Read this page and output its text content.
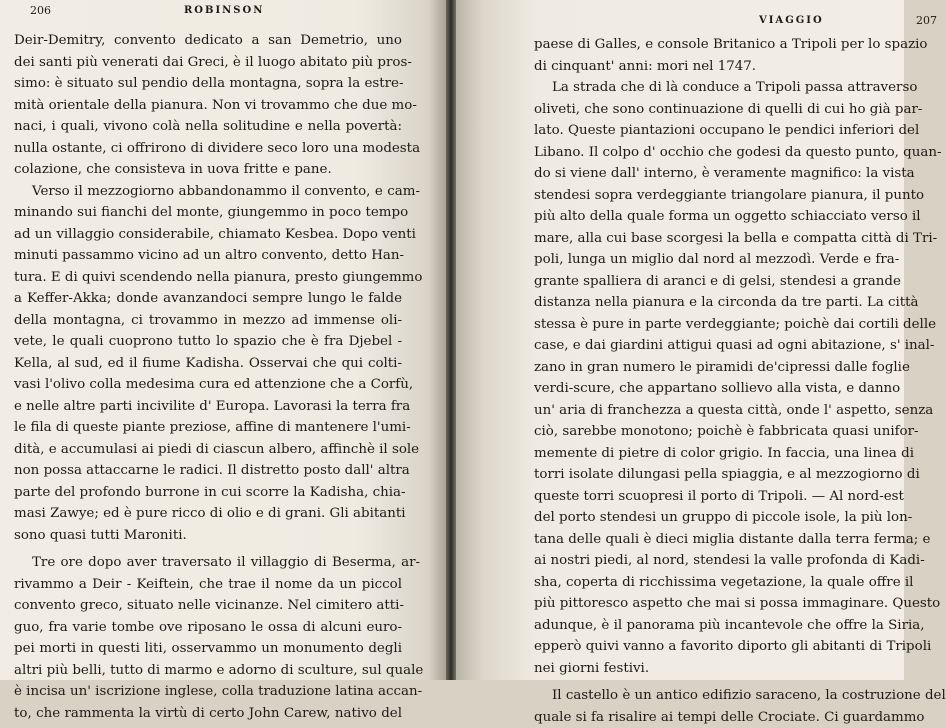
206	ROBINSON
Deir-Demitry, convento dedicato a san Demetrio, uno
dei santi più venerati dai Greci, è il luogo abitato più pros-
simo: è situato sul pendio della montagna, sopra la estre-
mità orientale della pianura. Non vi trovammo che due mo-
naci, i quali, vivono colà nella solitudine e nella povertà:
nulla ostante, ci offrirono di dividere seco loro una modesta
colazione, che consisteva in uova fritte e pane.
Verso il mezzogiorno abbandonammo il convento, e cam-
minando sui fianchi del monte, giungemmo in poco tempo
ad un villaggio considerabile, chiamato Kesbea. Dopo venti
minuti passammo vicino ad un altro convento, detto Han-
tura. E di quivi scendendo nella pianura, presto giungemmo
a Keffer-Akka; donde avanzandoci sempre lungo le falde
della montagna, ci trovammo in mezzo ad immense oli-
vete, le quali cuoprono tutto lo spazio che è fra Djebel -
Kella, al sud, ed il fiume Kadisha. Osservai che qui colti-
vasi l'olivo colla medesima cura ed attenzione che a Corfù,
e nelle altre parti incivilite d' Europa. Lavorasi la terra fra
le fila di queste piante preziose, affine di mantenere l'umi-
dità, e accumulasi ai piedi di ciascun albero, affinchè il sole
non possa attaccarne le radici. Il distretto posto dall' altra
parte del profondo burrone in cui scorre la Kadisha, chia-
masi Zawye; ed è pure ricco di olio e di grani. Gli abitanti
sono quasi tutti Maroniti.
Tre ore dopo aver traversato il villaggio di Beserma, ar-
rivammo a Deir - Keiftein, che trae il nome da un piccol
convento greco, situato nelle vicinanze. Nel cimitero atti-
guo, fra varie tombe ove riposano le ossa di alcuni euro-
pei morti in questi liti, osservammo un monumento degli
altri più belli, tutto di marmo e adorno di sculture, sul quale
è incisa un' iscrizione inglese, colla traduzione latina accan-
to, che rammenta la virtù di certo John Carew, nativo del
VIAGGIO	207
paese di Galles, e console Britanico a Tripoli per lo spazio
di cinquant' anni: mori nel 1747.
La strada che di là conduce a Tripoli passa attraverso
oliveti, che sono continuazione di quelli di cui ho già par-
lato. Queste piantazioni occupano le pendici inferiori del
Libano. Il colpo d' occhio che godesi da questo punto, quan-
do si viene dall' interno, è veramente magnifico: la vista
stendesi sopra verdeggiante triangolare pianura, il punto
più alto della quale forma un oggetto schiacciato verso il
mare, alla cui base scorgesi la bella e compatta città di Tri-
poli, lunga un miglio dal nord al mezzodì. Verde e fra-
grante spalliera di aranci e di gelsi, stendesi a grande
distanza nella pianura e la circonda da tre parti. La città
stessa è pure in parte verdeggiante; poichè dai cortili delle
case, e dai giardini attigui quasi ad ogni abitazione, s' inal-
zano in gran numero le piramidi de'cipressi dalle foglie
verdi-scure, che appartano sollievo alla vista, e danno
un' aria di franchezza a questa città, onde l' aspetto, senza
ciò, sarebbe monotono; poichè è fabbricata quasi unifor-
memente di pietre di color grigio. In faccia, una linea di
torri isolate dilungasi pella spiaggia, e al mezzogiorno di
queste torri scuopresi il porto di Tripoli. — Al nord-est
del porto stendesi un gruppo di piccole isole, la più lon-
tana delle quali è dieci miglia distante dalla terra ferma; e
ai nostri piedi, al nord, stendesi la valle profonda di Kadi-
sha, coperta di ricchissima vegetazione, la quale offre il
più pittoresco aspetto che mai si possa immaginare. Questo
adunque, è il panorama più incantevole che offre la Siria,
epperò quivi vanno a favorito diporto gli abitanti di Tripoli
nei giorni festivi.
Il castello è un antico edifizio saraceno, la costruzione del
quale si fa risalire ai tempi delle Crociate. Ci guardammo
